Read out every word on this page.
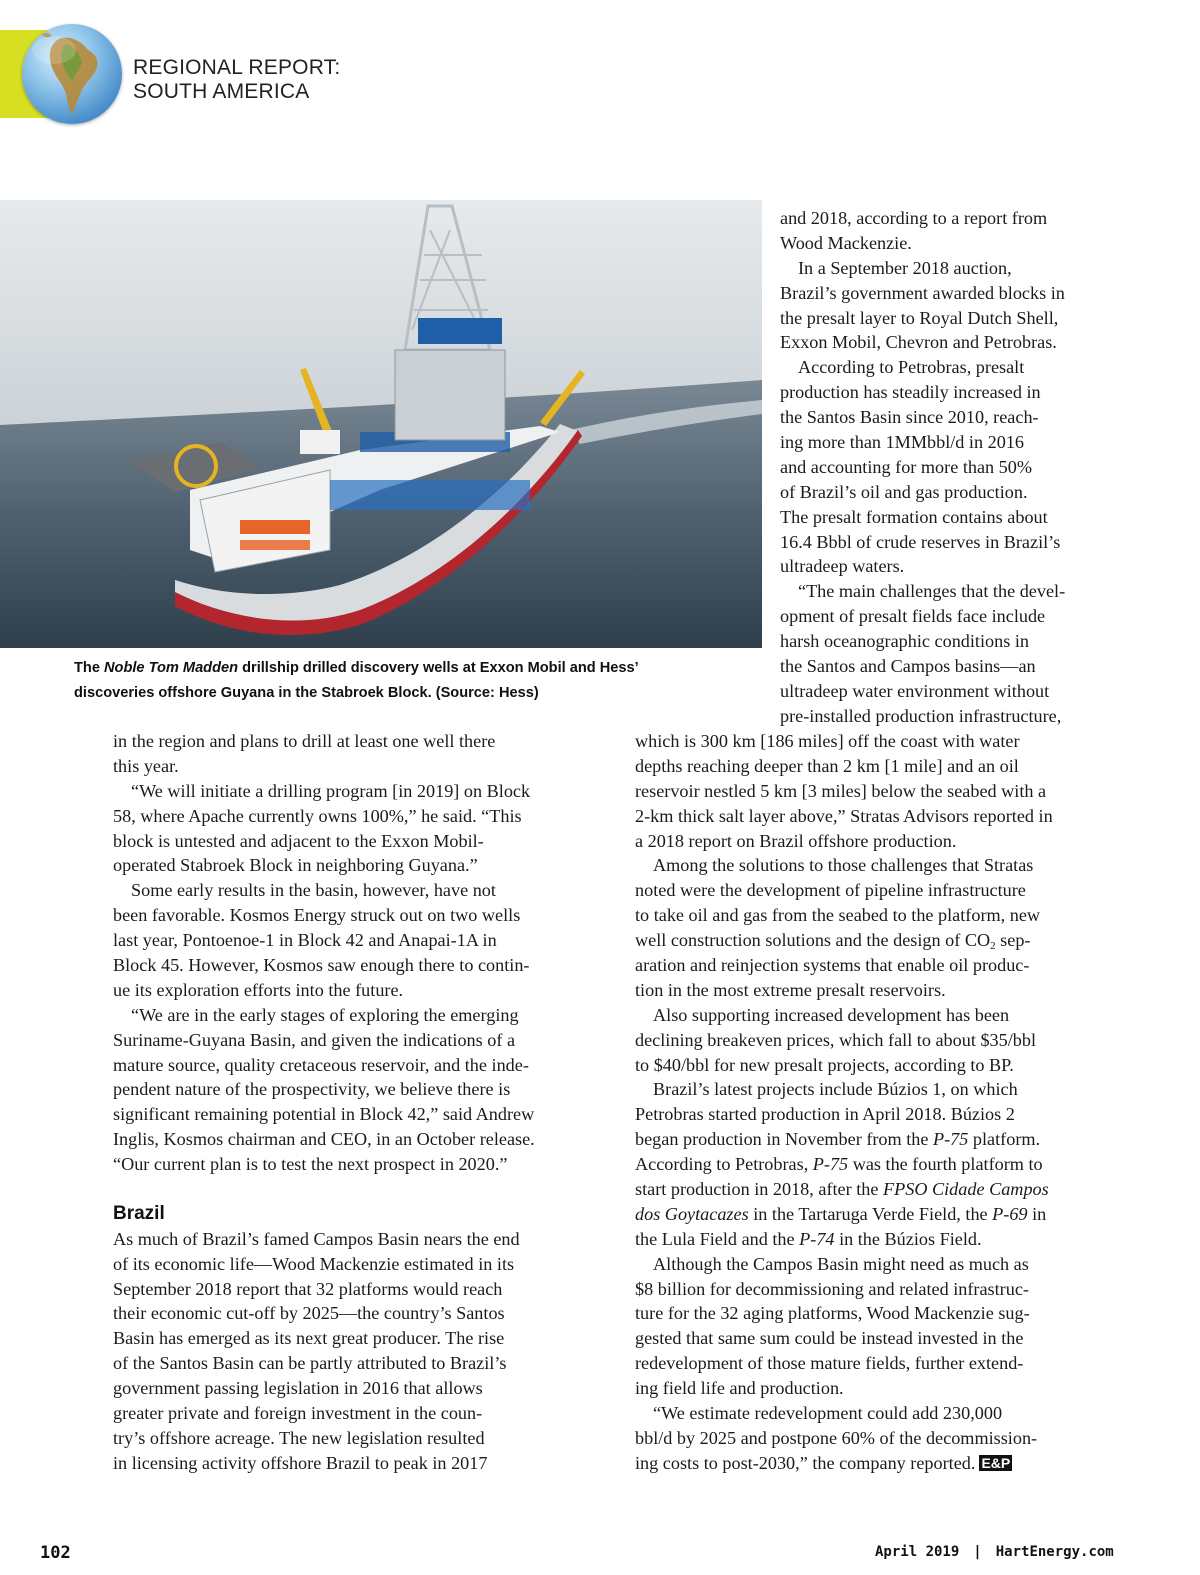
REGIONAL REPORT:
SOUTH AMERICA
The Noble Tom Madden drillship drilled discovery wells at Exxon Mobil and Hess’
discoveries offshore Guyana in the Stabroek Block. (Source: Hess)
and 2018, according to a report from
Wood Mackenzie.
In a September 2018 auction,
Brazil’s government awarded blocks in
the presalt layer to Royal Dutch Shell,
Exxon Mobil, Chevron and Petrobras.
According to Petrobras, presalt
production has steadily increased in
the Santos Basin since 2010, reach-
ing more than 1MMbbl/d in 2016
and accounting for more than 50%
of Brazil’s oil and gas production.
The presalt formation contains about
16.4 Bbbl of crude reserves in Brazil’s
ultradeep waters.
“The main challenges that the devel-
opment of presalt fields face include
harsh oceanographic conditions in
the Santos and Campos basins—an
ultradeep water environment without
pre-installed production infrastructure,
in the region and plans to drill at least one well there
this year.
“We will initiate a drilling program [in 2019] on Block
58, where Apache currently owns 100%,” he said. “This
block is untested and adjacent to the Exxon Mobil-
operated Stabroek Block in neighboring Guyana.”
Some early results in the basin, however, have not
been favorable. Kosmos Energy struck out on two wells
last year, Pontoenoe-1 in Block 42 and Anapai-1A in
Block 45. However, Kosmos saw enough there to contin-
ue its exploration efforts into the future.
“We are in the early stages of exploring the emerging
Suriname-Guyana Basin, and given the indications of a
mature source, quality cretaceous reservoir, and the inde-
pendent nature of the prospectivity, we believe there is
significant remaining potential in Block 42,” said Andrew
Inglis, Kosmos chairman and CEO, in an October release.
“Our current plan is to test the next prospect in 2020.”
Brazil
As much of Brazil’s famed Campos Basin nears the end
of its economic life—Wood Mackenzie estimated in its
September 2018 report that 32 platforms would reach
their economic cut-off by 2025—the country’s Santos
Basin has emerged as its next great producer. The rise
of the Santos Basin can be partly attributed to Brazil’s
government passing legislation in 2016 that allows
greater private and foreign investment in the coun-
try’s offshore acreage. The new legislation resulted
in licensing activity offshore Brazil to peak in 2017
which is 300 km [186 miles] off the coast with water
depths reaching deeper than 2 km [1 mile] and an oil
reservoir nestled 5 km [3 miles] below the seabed with a
2-km thick salt layer above,” Stratas Advisors reported in
a 2018 report on Brazil offshore production.
Among the solutions to those challenges that Stratas
noted were the development of pipeline infrastructure
to take oil and gas from the seabed to the platform, new
well construction solutions and the design of $CO_2$ sep-
aration and reinjection systems that enable oil produc-
tion in the most extreme presalt reservoirs.
Also supporting increased development has been
declining breakeven prices, which fall to about $35/bbl
to $40/bbl for new presalt projects, according to BP.
Brazil’s latest projects include Búzios 1, on which
Petrobras started production in April 2018. Búzios 2
began production in November from the P-75 platform.
According to Petrobras, P-75 was the fourth platform to
start production in 2018, after the FPSO Cidade Campos
dos Goytacazes in the Tartaruga Verde Field, the P-69 in
the Lula Field and the P-74 in the Búzios Field.
Although the Campos Basin might need as much as
$8 billion for decommissioning and related infrastruc-
ture for the 32 aging platforms, Wood Mackenzie sug-
gested that same sum could be instead invested in the
redevelopment of those mature fields, further extend-
ing field life and production.
“We estimate redevelopment could add 230,000
bbl/d by 2025 and postpone 60% of the decommission-
ing costs to post-2030,” the company reported. E&P
102	April 2019 | HartEnergy.com
